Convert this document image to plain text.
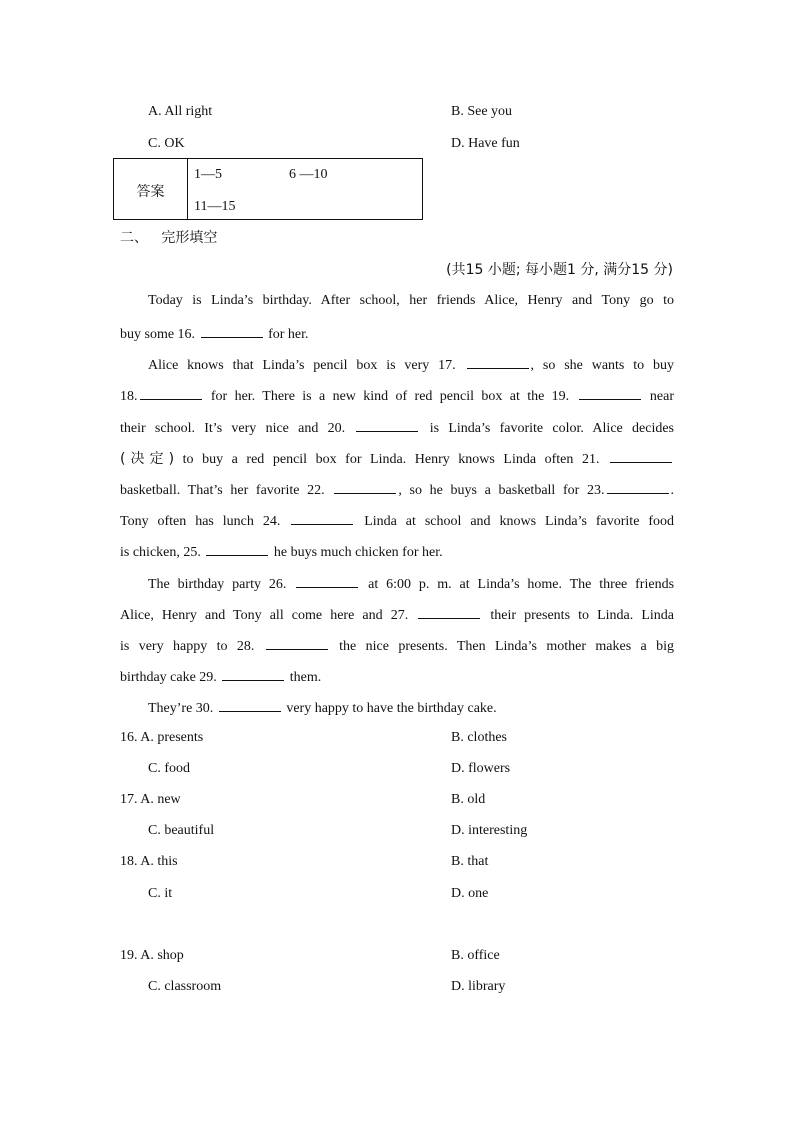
A. All right	B. See you
C. OK	D. Have fun
答案
1—5	6 —10
11—15
二、 完形填空
(共15 小题; 每小题1 分, 满分15 分)
Today is Linda’s birthday. After school, her friends Alice, Henry and Tony go to
buy some 16.	for her.
Alice knows that Linda’s pencil box is very 17.	, so she wants to buy
18.	for her. There is a new kind of red pencil box at the 19.	near
their school. It’s very nice and 20.	is Linda’s favorite color. Alice decides
(决定) to buy a red pencil box for Linda. Henry knows Linda often 21.
basketball. That’s her favorite 22.	, so he buys a basketball for 23.	.
Tony often has lunch 24.	Linda at school and knows Linda’s favorite food
is chicken, 25.	he buys much chicken for her.
The birthday party 26.	at 6:00 p. m. at Linda’s home. The three friends
Alice, Henry and Tony all come here and 27.	their presents to Linda. Linda
is very happy to 28.	the nice presents. Then Linda’s mother makes a big
birthday cake 29.	them.
They’re 30.	very happy to have the birthday cake.
16. A. presents	B. clothes
C. food	D. flowers
17. A. new	B. old
C. beautiful	D. interesting
18. A. this	B. that
C. it	D. one
19. A. shop	B. office
C. classroom	D. library
